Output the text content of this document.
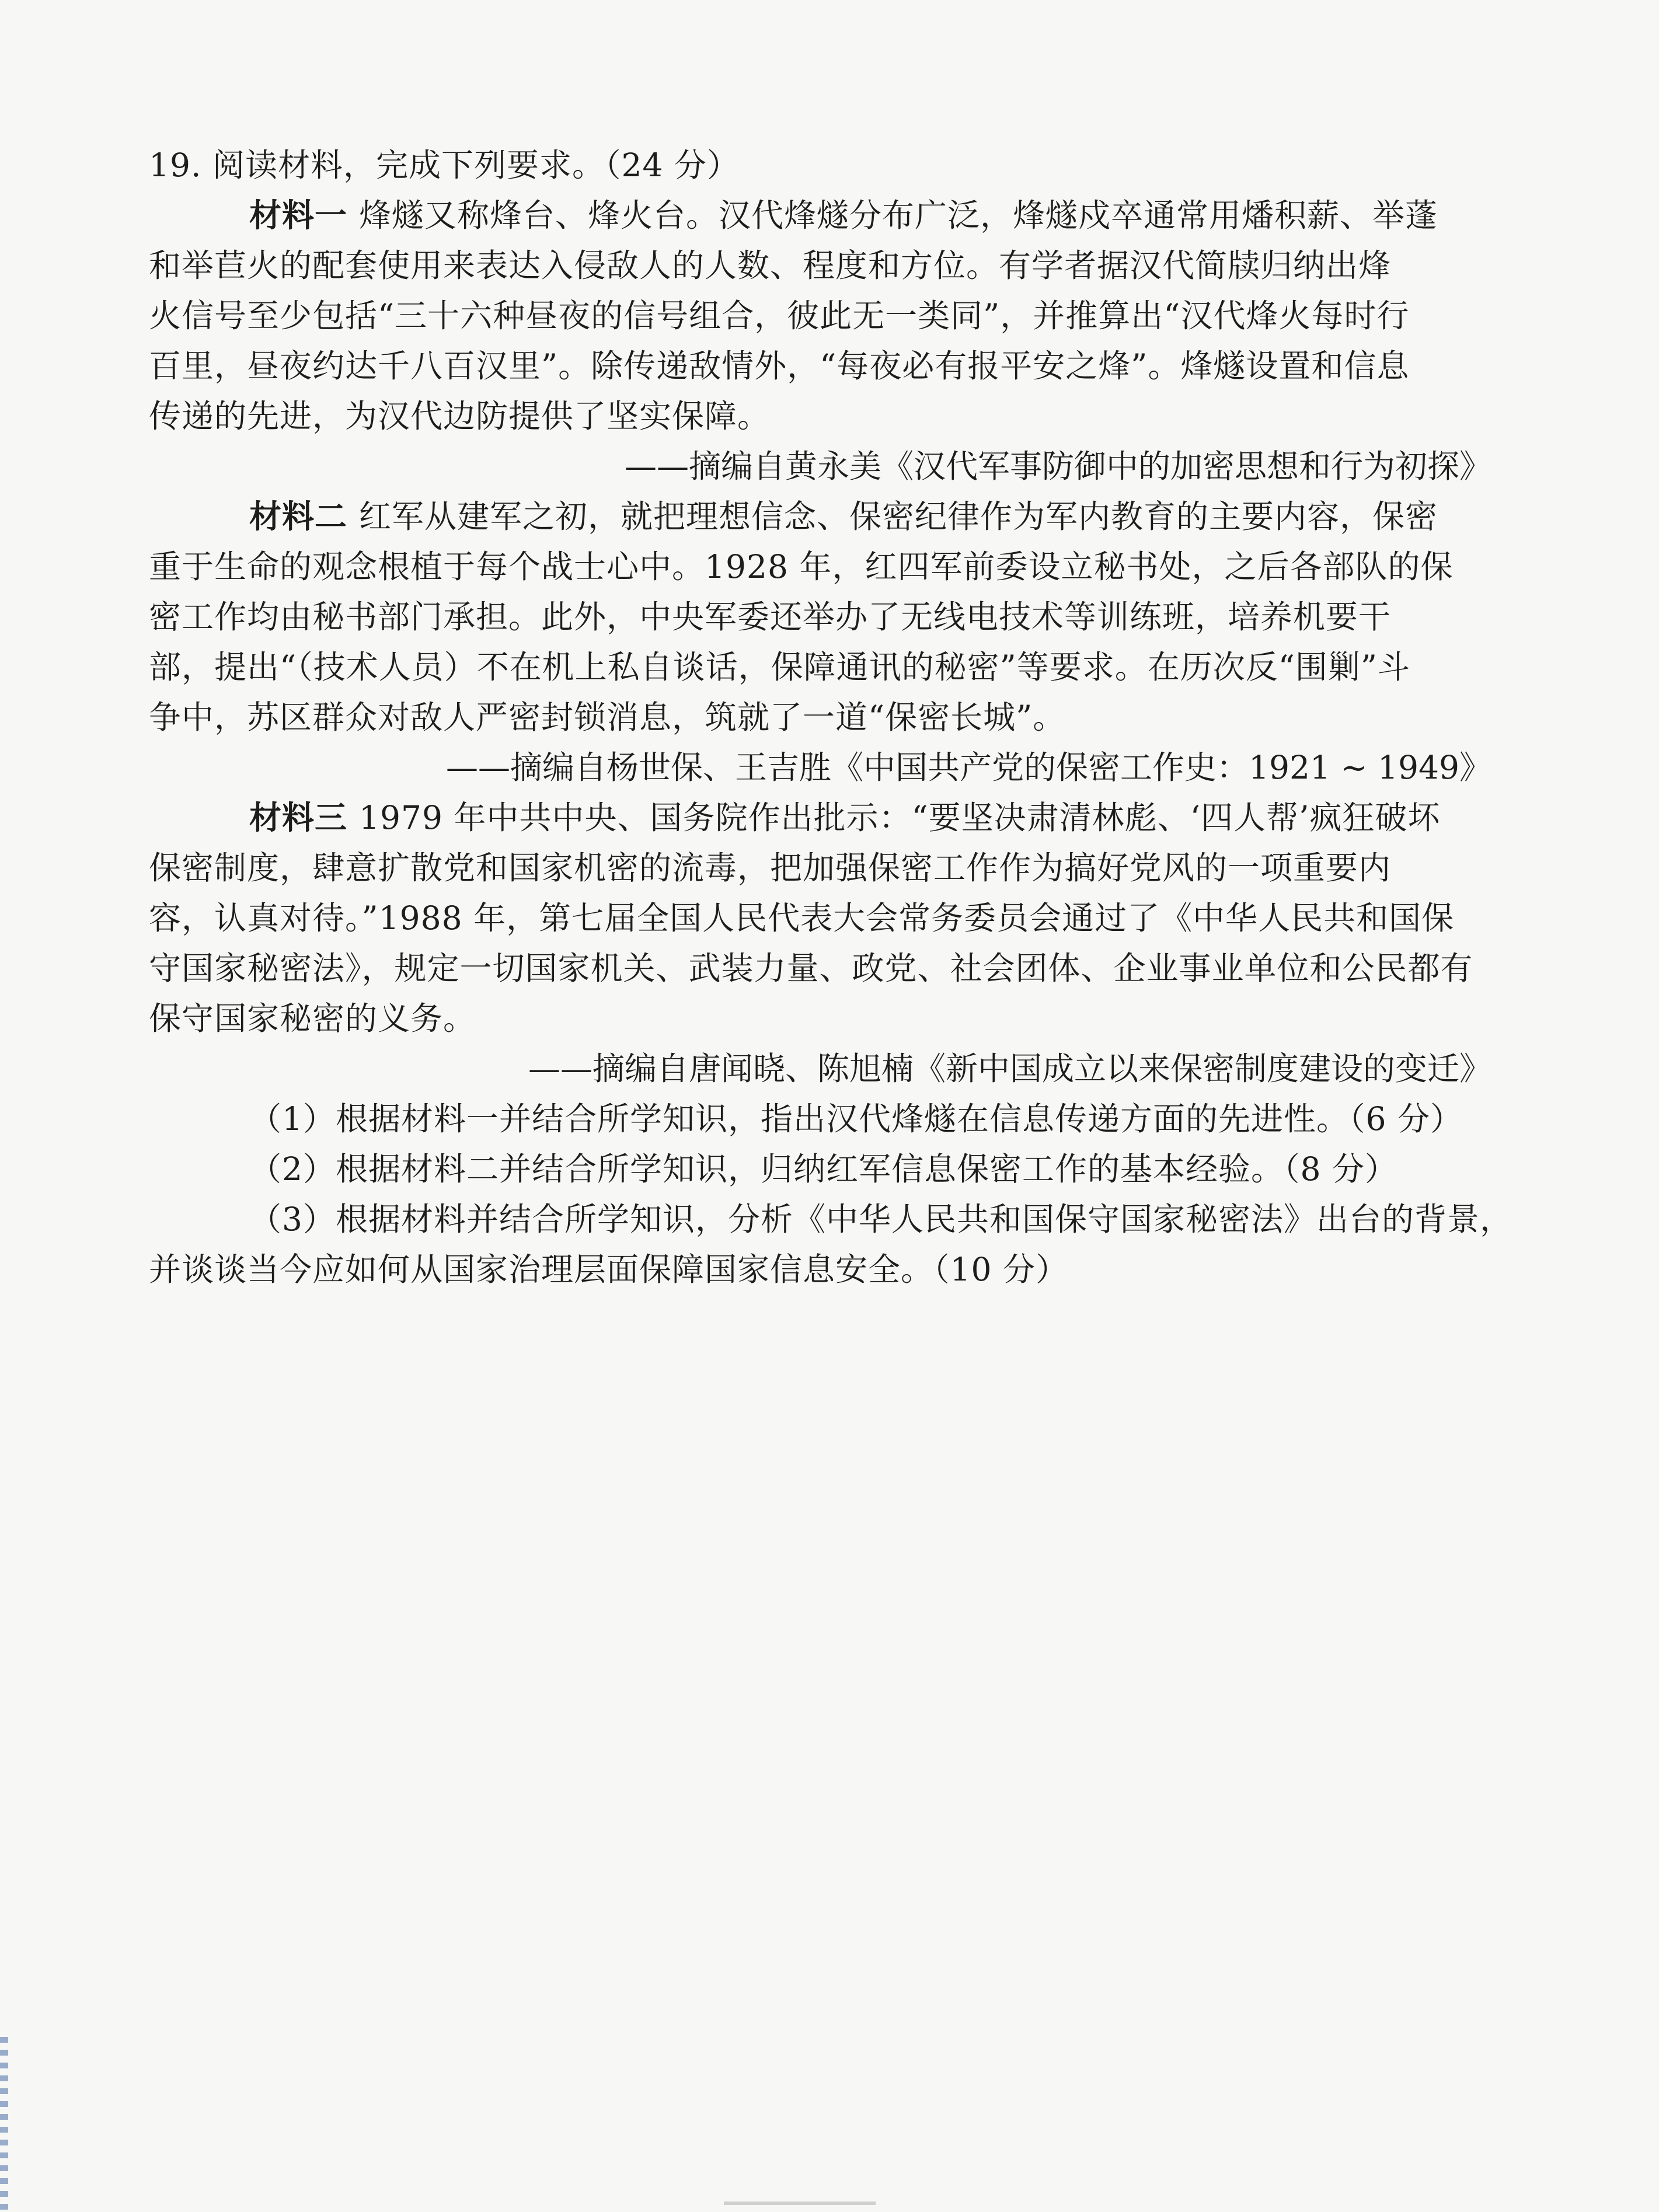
19. 阅读材料，完成下列要求。（24 分）
材料一 烽燧又称烽台、烽火台。汉代烽燧分布广泛，烽燧戍卒通常用燔积薪、举蓬
和举苣火的配套使用来表达入侵敌人的人数、程度和方位。有学者据汉代简牍归纳出烽
火信号至少包括“三十六种昼夜的信号组合，彼此无一类同”，并推算出“汉代烽火每时行
百里，昼夜约达千八百汉里”。除传递敌情外，“每夜必有报平安之烽”。烽燧设置和信息
传递的先进，为汉代边防提供了坚实保障。
——摘编自黄永美《汉代军事防御中的加密思想和行为初探》
材料二 红军从建军之初，就把理想信念、保密纪律作为军内教育的主要内容，保密
重于生命的观念根植于每个战士心中。1928 年，红四军前委设立秘书处，之后各部队的保
密工作均由秘书部门承担。此外，中央军委还举办了无线电技术等训练班，培养机要干
部，提出“（技术人员）不在机上私自谈话，保障通讯的秘密”等要求。在历次反“围剿”斗
争中，苏区群众对敌人严密封锁消息，筑就了一道“保密长城”。
——摘编自杨世保、王吉胜《中国共产党的保密工作史：1921 ~ 1949》
材料三 1979 年中共中央、国务院作出批示：“要坚决肃清林彪、‘四人帮’疯狂破坏
保密制度，肆意扩散党和国家机密的流毒，把加强保密工作作为搞好党风的一项重要内
容，认真对待。”1988 年，第七届全国人民代表大会常务委员会通过了《中华人民共和国保
守国家秘密法》，规定一切国家机关、武装力量、政党、社会团体、企业事业单位和公民都有
保守国家秘密的义务。
——摘编自唐闻晓、陈旭楠《新中国成立以来保密制度建设的变迁》
（1）根据材料一并结合所学知识，指出汉代烽燧在信息传递方面的先进性。（6 分）
（2）根据材料二并结合所学知识，归纳红军信息保密工作的基本经验。（8 分）
（3）根据材料并结合所学知识，分析《中华人民共和国保守国家秘密法》出台的背景，
并谈谈当今应如何从国家治理层面保障国家信息安全。（10 分）
